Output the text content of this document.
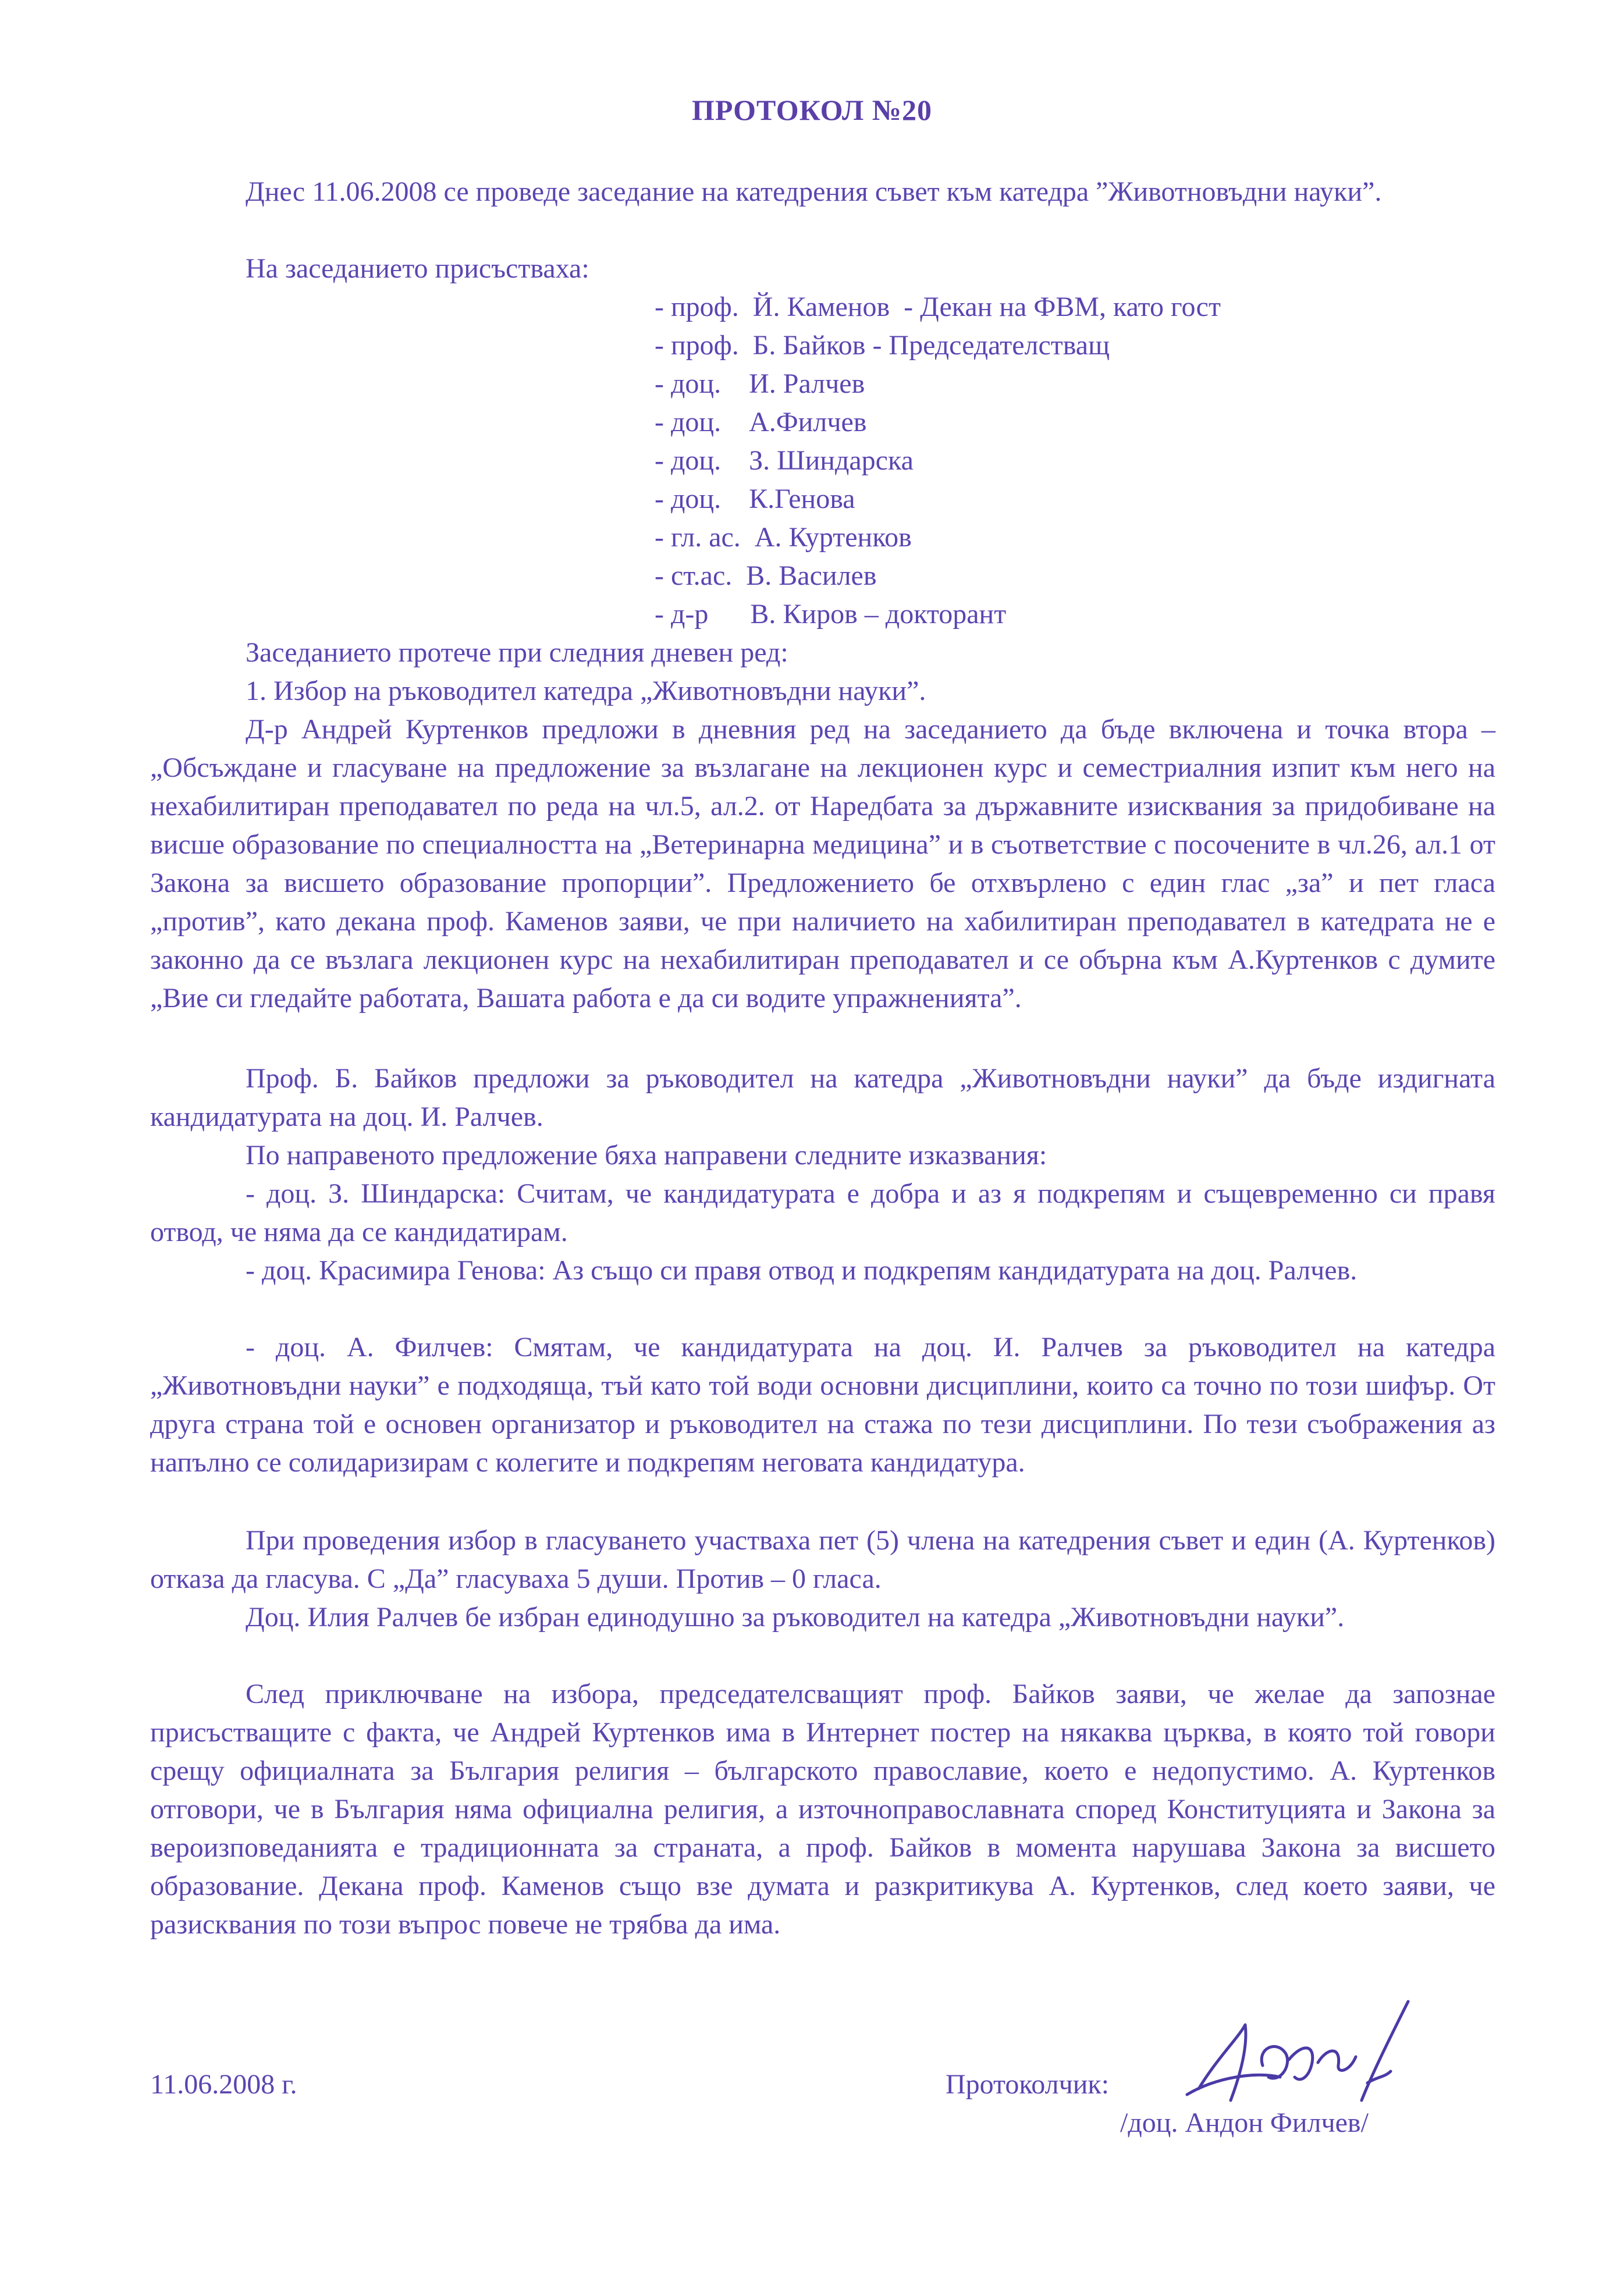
ПРОТОКОЛ №20
Днес 11.06.2008 се проведе заседание на катедрения съвет към катедра ”Животновъдни науки”.
На заседанието присъстваха:
- проф.  Й. Каменов  - Декан на ФВМ, като гост
- проф.  Б. Байков - Председателстващ
- доц.    И. Ралчев
- доц.    А.Филчев
- доц.    З. Шиндарска
- доц.    К.Генова
- гл. ас.  А. Куртенков
- ст.ас.  В. Василев
- д-р      В. Киров – докторант
Заседанието протече при следния дневен ред:
1. Избор на ръководител катедра „Животновъдни науки”.
Д-р Андрей Куртенков предложи в дневния ред на заседанието да бъде включена и точка втора – „Обсъждане и гласуване на предложение за възлагане на лекционен курс и семестриалния изпит към него на нехабилитиран преподавател по реда на чл.5, ал.2. от Наредбата за държавните изисквания за придобиване на висше образование по специалността на „Ветеринарна медицина” и в съответствие с посочените в чл.26, ал.1 от Закона за висшето образование пропорции”. Предложението бе отхвърлено с един глас „за” и пет гласа „против”, като декана проф. Каменов заяви, че при наличието на хабилитиран преподавател в катедрата не е законно да се възлага лекционен курс на нехабилитиран преподавател и се обърна към А.Куртенков с думите „Вие си гледайте работата, Вашата работа е да си водите упражненията”.
Проф. Б. Байков предложи за ръководител на катедра „Животновъдни науки” да бъде издигната кандидатурата на доц. И. Ралчев.
По направеното предложение бяха направени следните изказвания:
- доц. З. Шиндарска: Считам, че кандидатурата е добра и аз я подкрепям и същевременно си правя отвод, че няма да се кандидатирам.
- доц. Красимира Генова: Аз също си правя отвод и подкрепям кандидатурата на доц. Ралчев.
- доц. А. Филчев: Смятам, че кандидатурата на доц. И. Ралчев за ръководител на катедра „Животновъдни науки” е подходяща, тъй като той води основни дисциплини, които са точно по този шифър. От друга страна той е основен организатор и ръководител на стажа по тези дисциплини. По тези съображения аз напълно се солидаризирам с колегите и подкрепям неговата кандидатура.
При проведения избор в гласуването участваха пет (5) члена на катедрения съвет и един (А. Куртенков) отказа да гласува. С „Да” гласуваха 5 души. Против – 0 гласа.
Доц. Илия Ралчев бе избран единодушно за ръководител на катедра „Животновъдни науки”.
След приключване на избора, председателсващият проф. Байков заяви, че желае да запознае присъстващите с факта, че Андрей Куртенков има в Интернет постер на някаква църква, в която той говори срещу официалната за България религия – българското православие, което е недопустимо. А. Куртенков отговори, че в България няма официална религия, а източноправославната според Конституцията и Закона за вероизповеданията е традиционната за страната, а проф. Байков в момента нарушава Закона за висшето образование. Декана проф. Каменов също взе думата и разкритикува А. Куртенков, след което заяви, че разисквания по този въпрос повече не трябва да има.
11.06.2008 г.	Протоколчик:
/доц. Андон Филчев/
